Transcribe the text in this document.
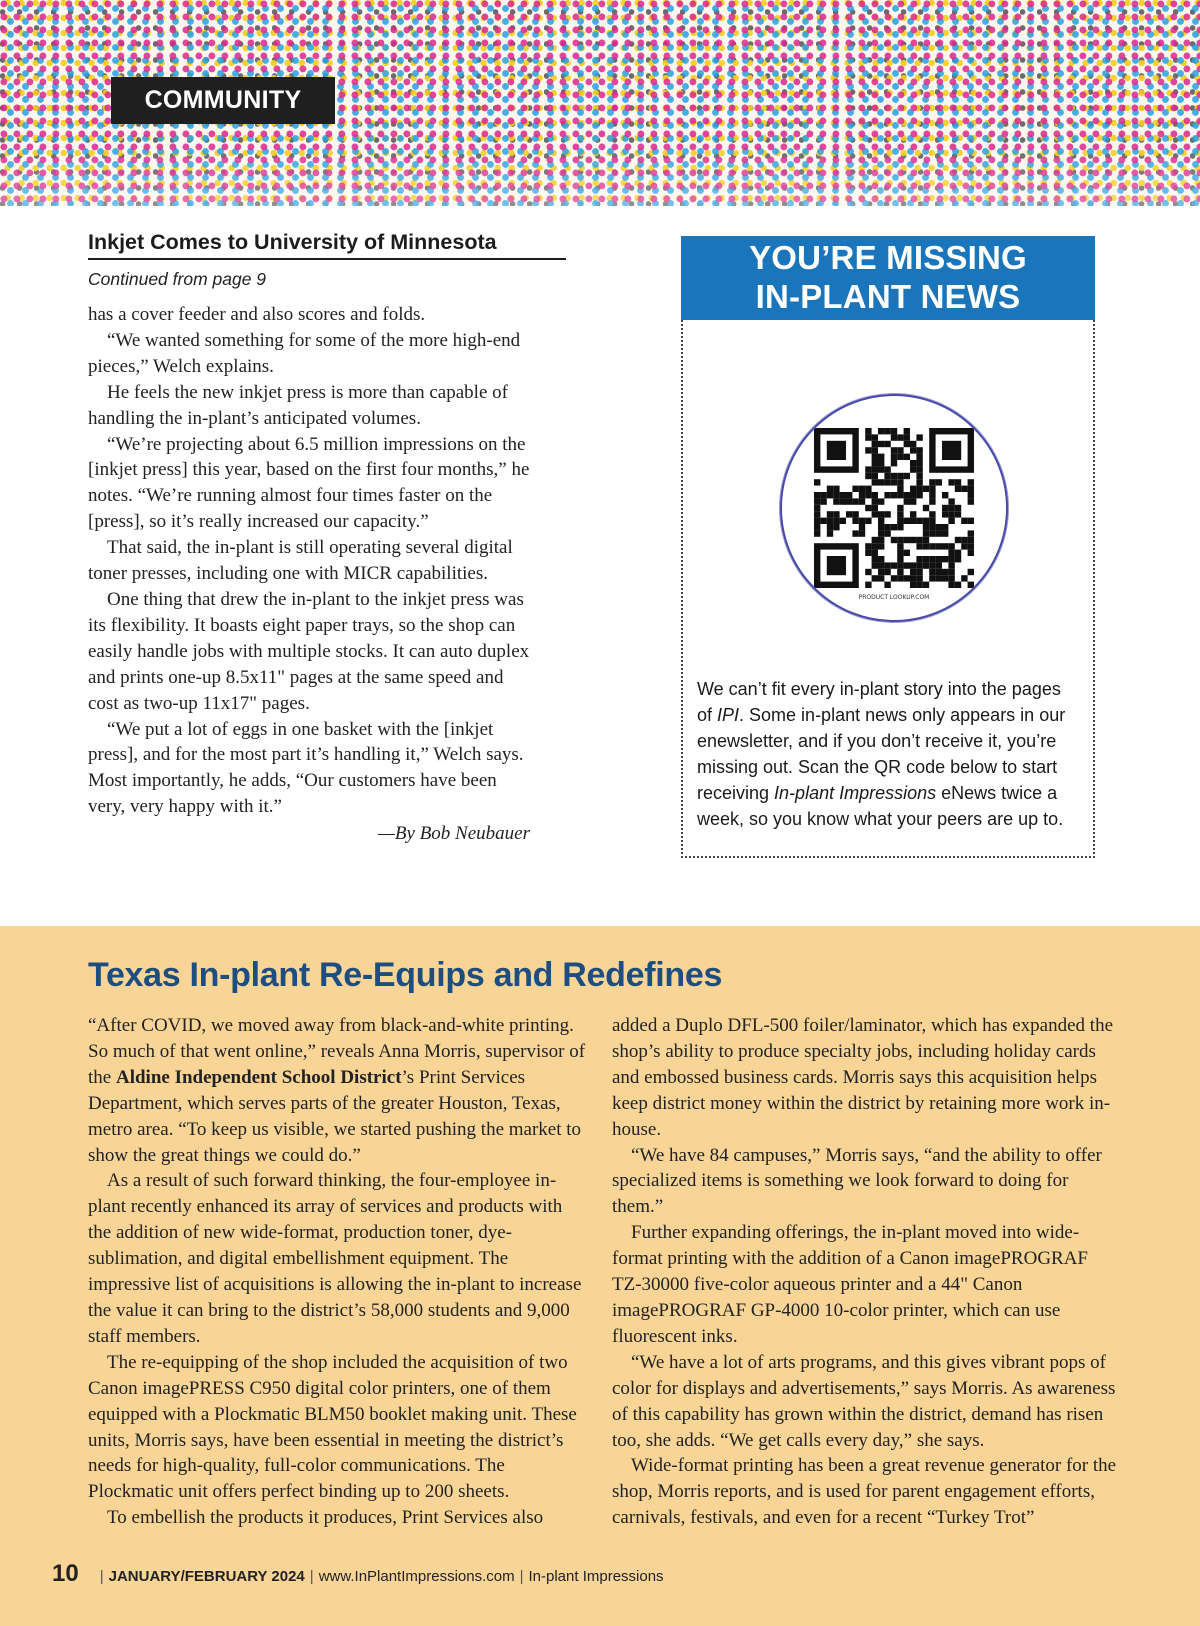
COMMUNITY
Inkjet Comes to University of Minnesota
Continued from page 9

has a cover feeder and also scores and folds.

“We wanted something for some of the more high-end pieces,” Welch explains.

He feels the new inkjet press is more than capable of handling the in-plant’s anticipated volumes.

“We’re projecting about 6.5 million impressions on the [inkjet press] this year, based on the first four months,” he notes. “We’re running almost four times faster on the [press], so it’s really increased our capacity.”

That said, the in-plant is still operating several digital toner presses, including one with MICR capabilities.

One thing that drew the in-plant to the inkjet press was its flexibility. It boasts eight paper trays, so the shop can easily handle jobs with multiple stocks. It can auto duplex and prints one-up 8.5x11" pages at the same speed and cost as two-up 11x17" pages.

“We put a lot of eggs in one basket with the [inkjet press], and for the most part it’s handling it,” Welch says. Most importantly, he adds, “Our customers have been very, very happy with it.”

—By Bob Neubauer
YOU’RE MISSING
IN-PLANT NEWS
PRODUCT LOOKUP.COM
We can’t fit every in-plant story into the pages of IPI. Some in-plant news only appears in our enewsletter, and if you don’t receive it, you’re missing out. Scan the QR code below to start receiving In-plant Impressions eNews twice a week, so you know what your peers are up to.
Texas In-plant Re-Equips and Redefines

“After COVID, we moved away from black-and-white printing. So much of that went online,” reveals Anna Morris, supervisor of the Aldine Independent School District’s Print Services Department, which serves parts of the greater Houston, Texas, metro area. “To keep us visible, we started pushing the market to show the great things we could do.”

As a result of such forward thinking, the four-employee in-plant recently enhanced its array of services and products with the addition of new wide-format, production toner, dye-sublimation, and digital embellishment equipment. The impressive list of acquisitions is allowing the in-plant to increase the value it can bring to the district’s 58,000 students and 9,000 staff members.

The re-equipping of the shop included the acquisition of two Canon imagePRESS C950 digital color printers, one of them equipped with a Plockmatic BLM50 booklet making unit. These units, Morris says, have been essential in meeting the district’s needs for high-quality, full-color communications. The Plockmatic unit offers perfect binding up to 200 sheets.

To embellish the products it produces, Print Services also

added a Duplo DFL-500 foiler/laminator, which has expanded the shop’s ability to produce specialty jobs, including holiday cards and embossed business cards. Morris says this acquisition helps keep district money within the district by retaining more work in-house.

“We have 84 campuses,” Morris says, “and the ability to offer specialized items is something we look forward to doing for them.”

Further expanding offerings, the in-plant moved into wide-format printing with the addition of a Canon imagePROGRAF TZ-30000 five-color aqueous printer and a 44" Canon imagePROGRAF GP-4000 10-color printer, which can use fluorescent inks.

“We have a lot of arts programs, and this gives vibrant pops of color for displays and advertisements,” says Morris. As awareness of this capability has grown within the district, demand has risen too, she adds. “We get calls every day,” she says.

Wide-format printing has been a great revenue generator for the shop, Morris reports, and is used for parent engagement efforts, carnivals, festivals, and even for a recent “Turkey Trot”

10 | JANUARY/FEBRUARY 2024 | www.InPlantImpressions.com | In-plant Impressions
